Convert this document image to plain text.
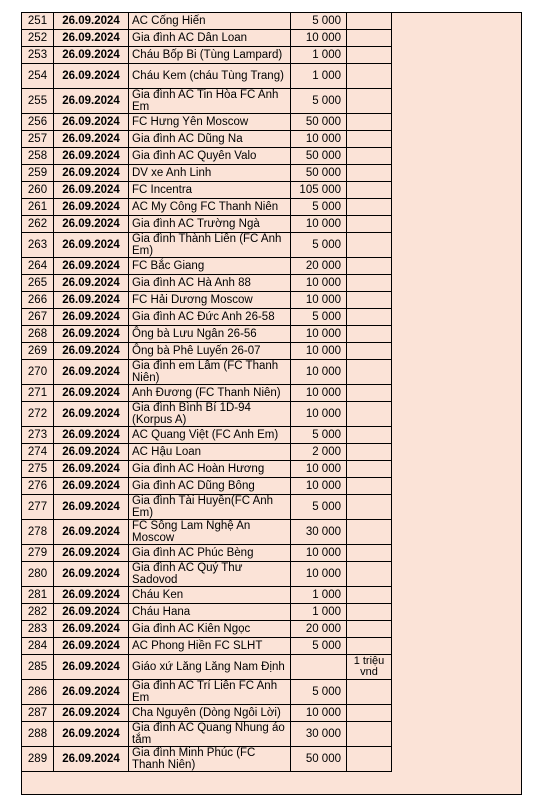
251	26.09.2024	AC Cống Hiến	5 000		
252	26.09.2024	Gia đình AC Dân Loan	10 000		
253	26.09.2024	Cháu Bốp Bi (Tùng Lampard)	1 000		
254	26.09.2024	Cháu Kem (cháu Tùng Trang)	1 000		
255	26.09.2024	Gia đình AC Tin Hòa FC Anh Em	5 000		
256	26.09.2024	FC Hưng Yên Moscow	50 000		
257	26.09.2024	Gia đình AC Dũng Na	10 000		
258	26.09.2024	Gia đình AC Quyên Valo	50 000		
259	26.09.2024	DV xe Anh Linh	50 000		
260	26.09.2024	FC Incentra	105 000		
261	26.09.2024	AC My Công FC Thanh Niên	5 000		
262	26.09.2024	Gia đình AC Trường Ngà	10 000		
263	26.09.2024	Gia đình Thành Liên (FC Anh Em)	5 000		
264	26.09.2024	FC Bắc Giang	20 000		
265	26.09.2024	Gia đình AC Hà Anh 88	10 000		
266	26.09.2024	FC Hải Dương Moscow	10 000		
267	26.09.2024	Gia đình AC Đức Anh 26-58	5 000		
268	26.09.2024	Ông bà Lưu Ngân 26-56	10 000		
269	26.09.2024	Ông bà Phê Luyến 26-07	10 000		
270	26.09.2024	Gia đình em Lâm (FC Thanh Niên)	10 000		
271	26.09.2024	Anh Đương (FC Thanh Niên)	10 000		
272	26.09.2024	Gia đình Bình Bí 1D-94 (Korpus A)	10 000		
273	26.09.2024	AC Quang Việt (FC Anh Em)	5 000		
274	26.09.2024	AC Hậu Loan	2 000		
275	26.09.2024	Gia đình AC Hoàn Hương	10 000		
276	26.09.2024	Gia đình AC Dũng Bông	10 000		
277	26.09.2024	Gia đình Tài Huyền(FC Anh Em)	5 000		
278	26.09.2024	FC Sông Lam Nghệ An Moscow	30 000		
279	26.09.2024	Gia đình AC Phúc Bèng	10 000		
280	26.09.2024	Gia đình AC Quý Thư Sadovod	10 000		
281	26.09.2024	Cháu Ken	1 000		
282	26.09.2024	Cháu Hana	1 000		
283	26.09.2024	Gia đình AC Kiên Ngọc	20 000		
284	26.09.2024	AC Phong Hiền FC SLHT	5 000		
285	26.09.2024	Giáo xứ Lăng Lăng Nam Định		1 triệu vnd	
286	26.09.2024	Gia đình AC Trí Liên FC Anh Em	5 000		
287	26.09.2024	Cha Nguyên (Dòng Ngôi Lời)	10 000		
288	26.09.2024	Gia đình AC Quang Nhung áo tắm	30 000		
289	26.09.2024	Gia đình Minh Phúc (FC Thanh Niên)	50 000		
